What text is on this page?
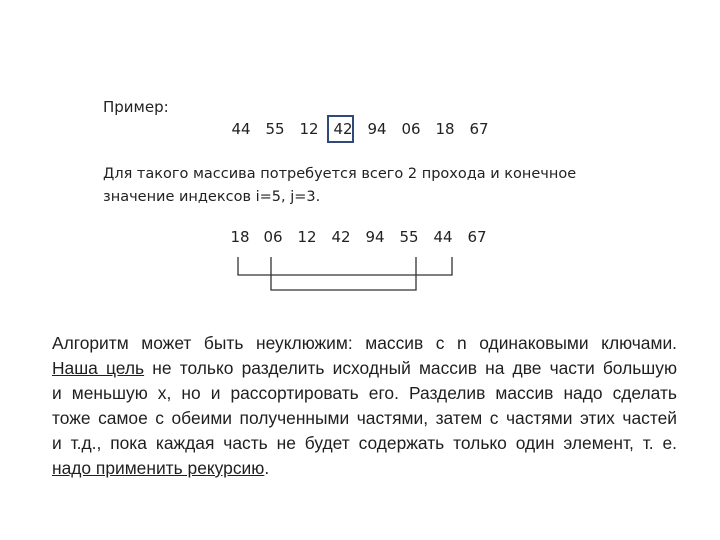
Пример:
44 55 12 42 94 06 18 67
Для такого массива потребуется всего 2 прохода и конечное
значение индексов i=5, j=3.
18 06 12 42 94 55 44 67
Алгоритм может быть неуклюжим: массив с n одинаковыми ключами.
Наша цель не только разделить исходный массив на две части большую
и меньшую x, но и рассортировать его. Разделив массив надо сделать
тоже самое с обеими полученными частями, затем с частями этих частей
и т.д., пока каждая часть не будет содержать только один элемент, т. е.
надо применить рекурсию.
